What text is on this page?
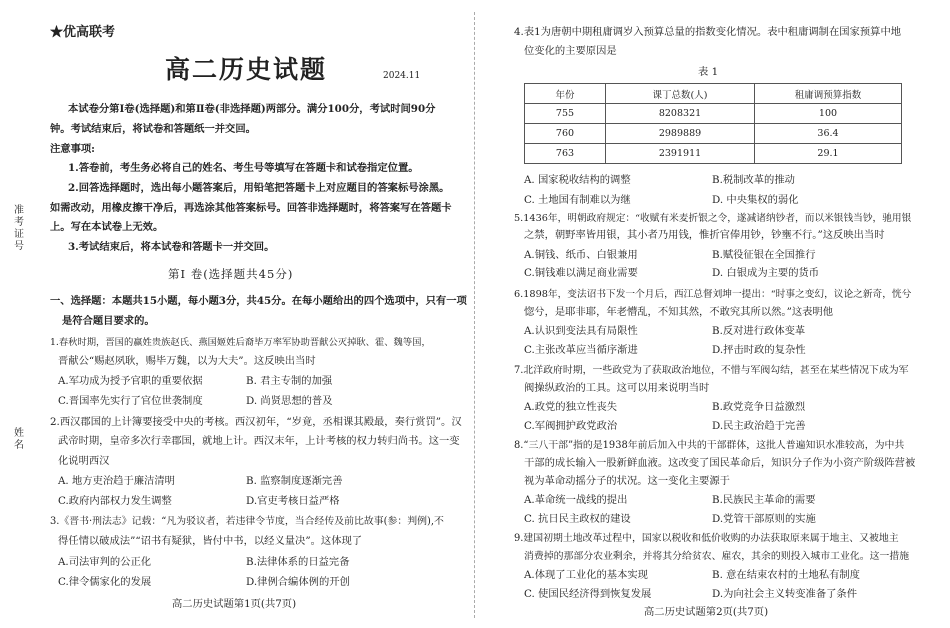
★优高联考
高二历史试题	2024.11
准考证号
姓名
本试卷分第Ⅰ卷(选择题)和第Ⅱ卷(非选择题)两部分。满分100分，考试时间90分
钟。考试结束后，将试卷和答题纸一并交回。
注意事项:
1.答卷前，考生务必将自己的姓名、考生号等填写在答题卡和试卷指定位置。
2.回答选择题时，选出每小题答案后，用铅笔把答题卡上对应题目的答案标号涂黑。
如需改动，用橡皮擦干净后，再选涂其他答案标号。回答非选择题时，将答案写在答题卡
上。写在本试卷上无效。
3.考试结束后，将本试卷和答题卡一并交回。
第Ⅰ 卷(选择题共45分)
一、选择题：本题共15小题，每小题3分，共45分。在每小题给出的四个选项中，只有一项
是符合题目要求的。
1.春秋时期，晋国的赢姓贵族赵氏、燕国姬姓后裔毕万率军协助晋献公灭掉耿、霍、魏等国，
晋献公“赐赵夙耿，赐毕万魏，以为大夫”。这反映出当时
A.军功成为授予官职的重要依据	B. 君主专制的加强
C.晋国率先实行了官位世袭制度	D. 尚贤思想的普及
2.西汉郡国的上计簿要接受中央的考核。西汉初年，“岁竟，丞相课其殿最，奏行赏罚”。汉
武帝时期，皇帝多次行幸郡国，就地上计。西汉末年，上计考核的权力转归尚书。这一变
化说明西汉
A. 地方吏治趋于廉洁清明	B. 监察制度逐渐完善
C.政府内部权力发生调整	D.官吏考核日益严格
3.《晋书·刑法志》记载：“凡为驳议者，若违律令节度，当合经传及前比故事(参：判例),不
得任情以破成法”“诏书有疑狱，皆付中书，以经义量决”。这体现了
A.司法审判的公正化	B.法律体系的日益完备
C.律令儒家化的发展	D.律例合编体例的开创
高二历史试题第1页(共7页)
4.表1为唐朝中期租庸调岁入预算总量的指数变化情况。表中租庸调制在国家预算中地
位变化的主要原因是
表 1
年份	课丁总数(人)	租庸调预算指数
755	8208321	100
760	2989889	36.4
763	2391911	29.1
A. 国家税收结构的调整	B.税制改革的推动
C. 土地国有制难以为继	D. 中央集权的弱化
5.1436年，明朝政府规定：“收赋有米麦折银之令，遂减诸纳钞者，而以米银钱当钞，驰用银
之禁，朝野率皆用银，其小者乃用钱，惟折官俸用钞，钞壅不行。”这反映出当时
A.铜钱、纸币、白银兼用	B.赋役征银在全国推行
C.铜钱难以满足商业需要	D. 白银成为主要的货币
6.1898年，变法诏书下发一个月后，西江总督刘坤一提出：“时事之变幻，议论之新奇，恍兮
惚兮，是耶非耶，年老懵乱，不知其然，不敢究其所以然。”这表明他
A.认识到变法具有局限性	B.反对进行政体变革
C.主张改革应当循序渐进	D.抨击时政的复杂性
7.北洋政府时期，一些政党为了获取政治地位，不惜与军阀勾结，甚至在某些情况下成为军
阀操纵政治的工具。这可以用来说明当时
A.政党的独立性丧失	B.政党竞争日益激烈
C.军阀拥护政党政治	D.民主政治趋于完善
8.“三八干部”指的是1938年前后加入中共的干部群体，这批人普遍知识水准较高，为中共
干部的成长输入一股新鲜血液。这改变了国民革命后，知识分子作为小资产阶级阵营被
视为革命动摇分子的状况。这一变化主要源于
A.革命统一战线的提出	B.民族民主革命的需要
C. 抗日民主政权的建设	D.党管干部原则的实施
9.建国初期土地改革过程中，国家以税收和低价收购的办法获取原来属于地主、又被地主
消费掉的那部分农业剩余，并将其分给贫农、雇农，其余的则投入城市工业化。这一措施
A.体现了工业化的基本实现	B. 意在结束农村的土地私有制度
C. 使国民经济得到恢复发展	D.为向社会主义转变准备了条件
高二历史试题第2页(共7页)
